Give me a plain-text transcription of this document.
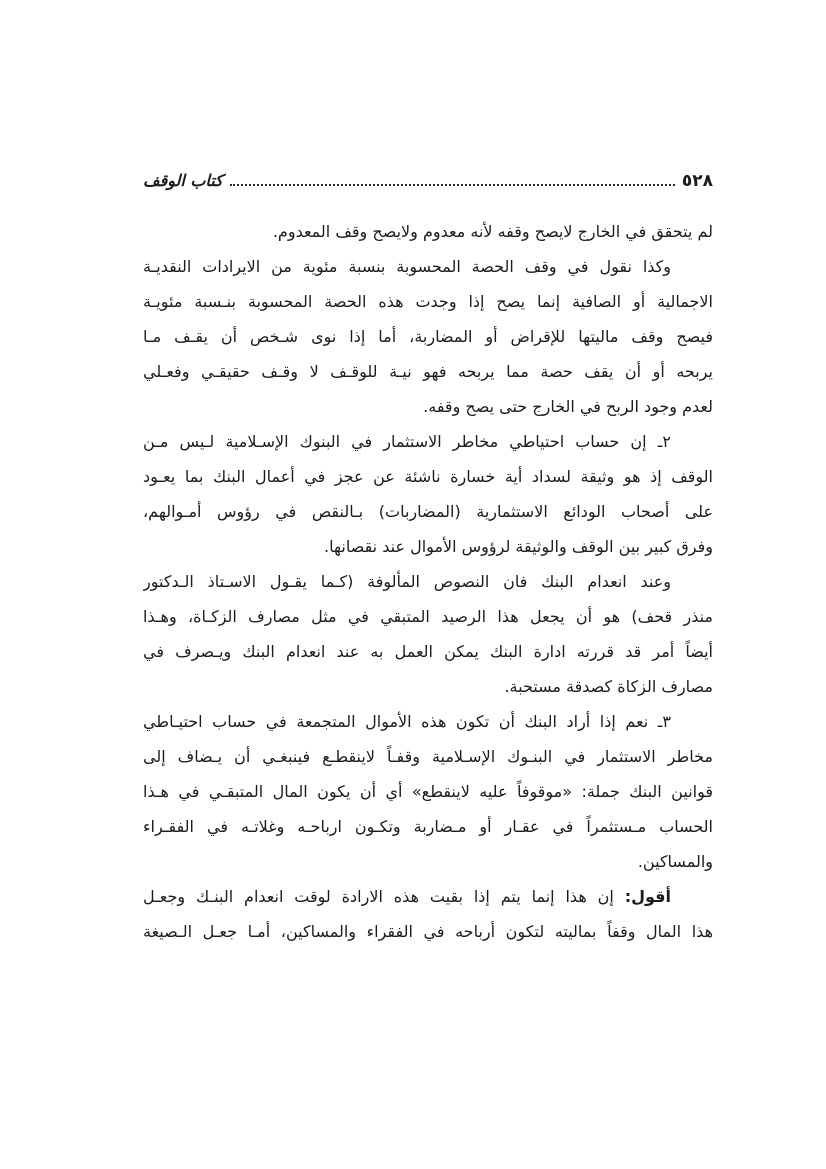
٥٢٨
كتاب الوقف

لم يتحقق في الخارج لايصح وقفه لأنه معدوم ولايصح وقف المعدوم.

وكذا نقول في وقف الحصة المحسوبة بنسبة مئوية من الايرادات النقديـة
الاجمالية أو الصافية إنما يصح إذا وجدت هذه الحصة المحسوبة بنـسبة مئويـة
فيصح وقف ماليتها للإقراض أو المضاربة، أما إذا نوى شـخص أن يقـف مـا
يربحه أو أن يقف حصة مما يربحه فهو نيـة للوقـف لا وقـف حقيقـي وفعـلي
لعدم وجود الربح في الخارج حتى يصح وقفه.

٢ـ إن حساب احتياطي مخاطر الاستثمار في البنوك الإسـلامية لـيس مـن
الوقف إذ هو وثيقة لسداد أية خسارة ناشئة عن عجز في أعمال البنك بما يعـود
على أصحاب الودائع الاستثمارية (المضاربات) بـالنقص في رؤوس أمـوالهم،
وفرق كبير بين الوقف والوثيقة لرؤوس الأموال عند نقصانها.

وعند انعدام البنك فان النصوص المألوفة (كـما يقـول الاسـتاذ الـدكتور
منذر قحف) هو أن يجعل هذا الرصيد المتبقي في مثل مصارف الزكـاة، وهـذا
أيضاً أمر قد قررته ادارة البنك يمكن العمل به عند انعدام البنك ويـصرف في
مصارف الزكاة كصدقة مستحبة.

٣ـ نعم إذا أراد البنك أن تكون هذه الأموال المتجمعة في حساب احتيـاطي
مخاطر الاستثمار في البنـوك الإسـلامية وقفـاً لاينقطـع فينبغـي أن يـضاف إلى
قوانين البنك جملة: «موقوفاً عليه لاينقطع» أي أن يكون المال المتبقـي في هـذا
الحساب مـستثمراً في عقـار أو مـضاربة وتكـون ارباحـه وغلاتـه في الفقـراء
والمساكين.

أقول: إن هذا إنما يتم إذا بقيت هذه الارادة لوقت انعدام البنـك وجعـل
هذا المال وقفاً بماليته لتكون أرباحه في الفقراء والمساكين، أمـا جعـل الـصيغة
